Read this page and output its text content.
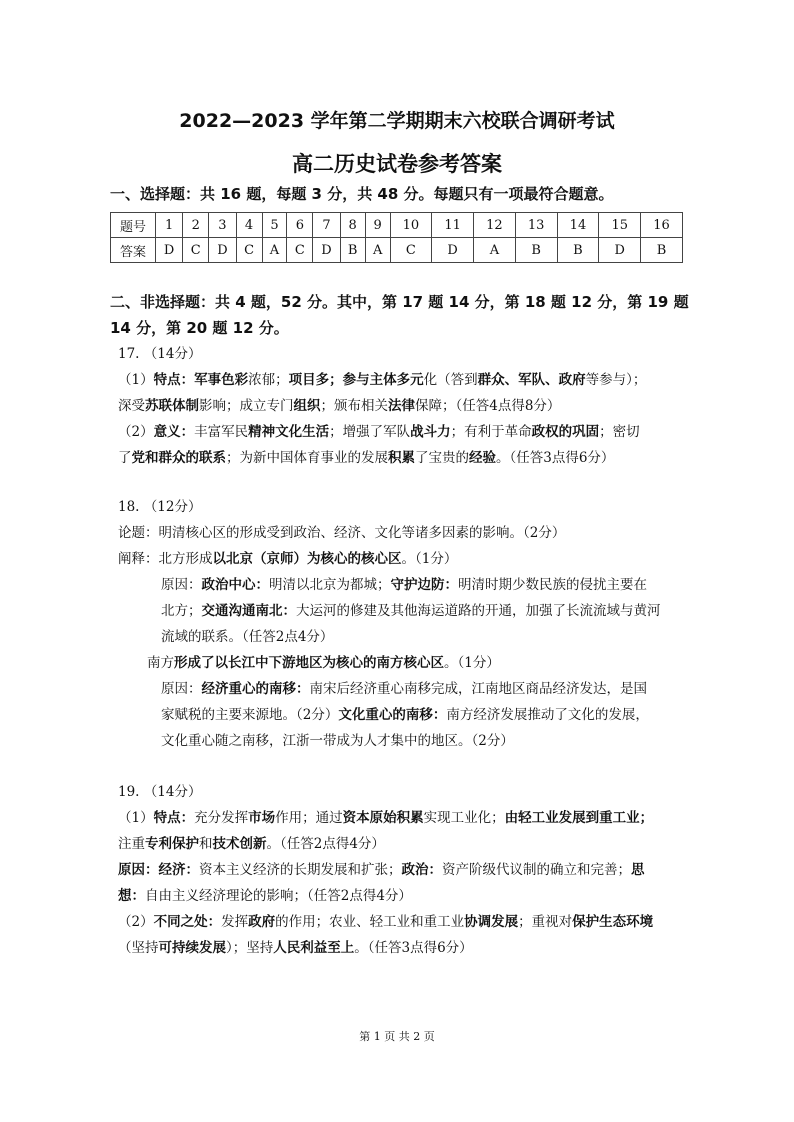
2022—2023 学年第二学期期末六校联合调研考试
高二历史试卷参考答案
一、选择题：共 16 题，每题 3 分，共 48 分。每题只有一项最符合题意。
题号	1	2	3	4	5	6	7	8	9	10	11	12	13	14	15	16
答案	D	C	D	C	A	C	D	B	A	C	D	A	B	B	D	B
二、非选择题：共 4 题，52 分。其中，第 17 题 14 分，第 18 题 12 分，第 19 题
14 分，第 20 题 12 分。

17. （14分）

（1）特点：军事色彩浓郁；项目多；参与主体多元化（答到群众、军队、政府等参与）；

深受苏联体制影响；成立专门组织；颁布相关法律保障；（任答4点得8分）

（2）意义：丰富军民精神文化生活；增强了军队战斗力；有利于革命政权的巩固；密切

了党和群众的联系；为新中国体育事业的发展积累了宝贵的经验。（任答3点得6分）

18. （12分）

论题：明清核心区的形成受到政治、经济、文化等诸多因素的影响。（2分）

阐释：北方形成以北京（京师）为核心的核心区。（1分）

原因：政治中心：明清以北京为都城；守护边防：明清时期少数民族的侵扰主要在

北方；交通沟通南北：大运河的修建及其他海运道路的开通，加强了长流流域与黄河

流域的联系。（任答2点4分）

南方形成了以长江中下游地区为核心的南方核心区。（1分）

原因：经济重心的南移：南宋后经济重心南移完成，江南地区商品经济发达，是国

家赋税的主要来源地。（2分）文化重心的南移：南方经济发展推动了文化的发展，

文化重心随之南移，江浙一带成为人才集中的地区。（2分）

19. （14分）

（1）特点：充分发挥市场作用；通过资本原始积累实现工业化；由轻工业发展到重工业；

注重专利保护和技术创新。（任答2点得4分）

原因：经济：资本主义经济的长期发展和扩张；政治：资产阶级代议制的确立和完善；思

想：自由主义经济理论的影响；（任答2点得4分）

（2）不同之处：发挥政府的作用；农业、轻工业和重工业协调发展；重视对保护生态环境

（坚持可持续发展）；坚持人民利益至上。（任答3点得6分）

第 1 页 共 2 页
